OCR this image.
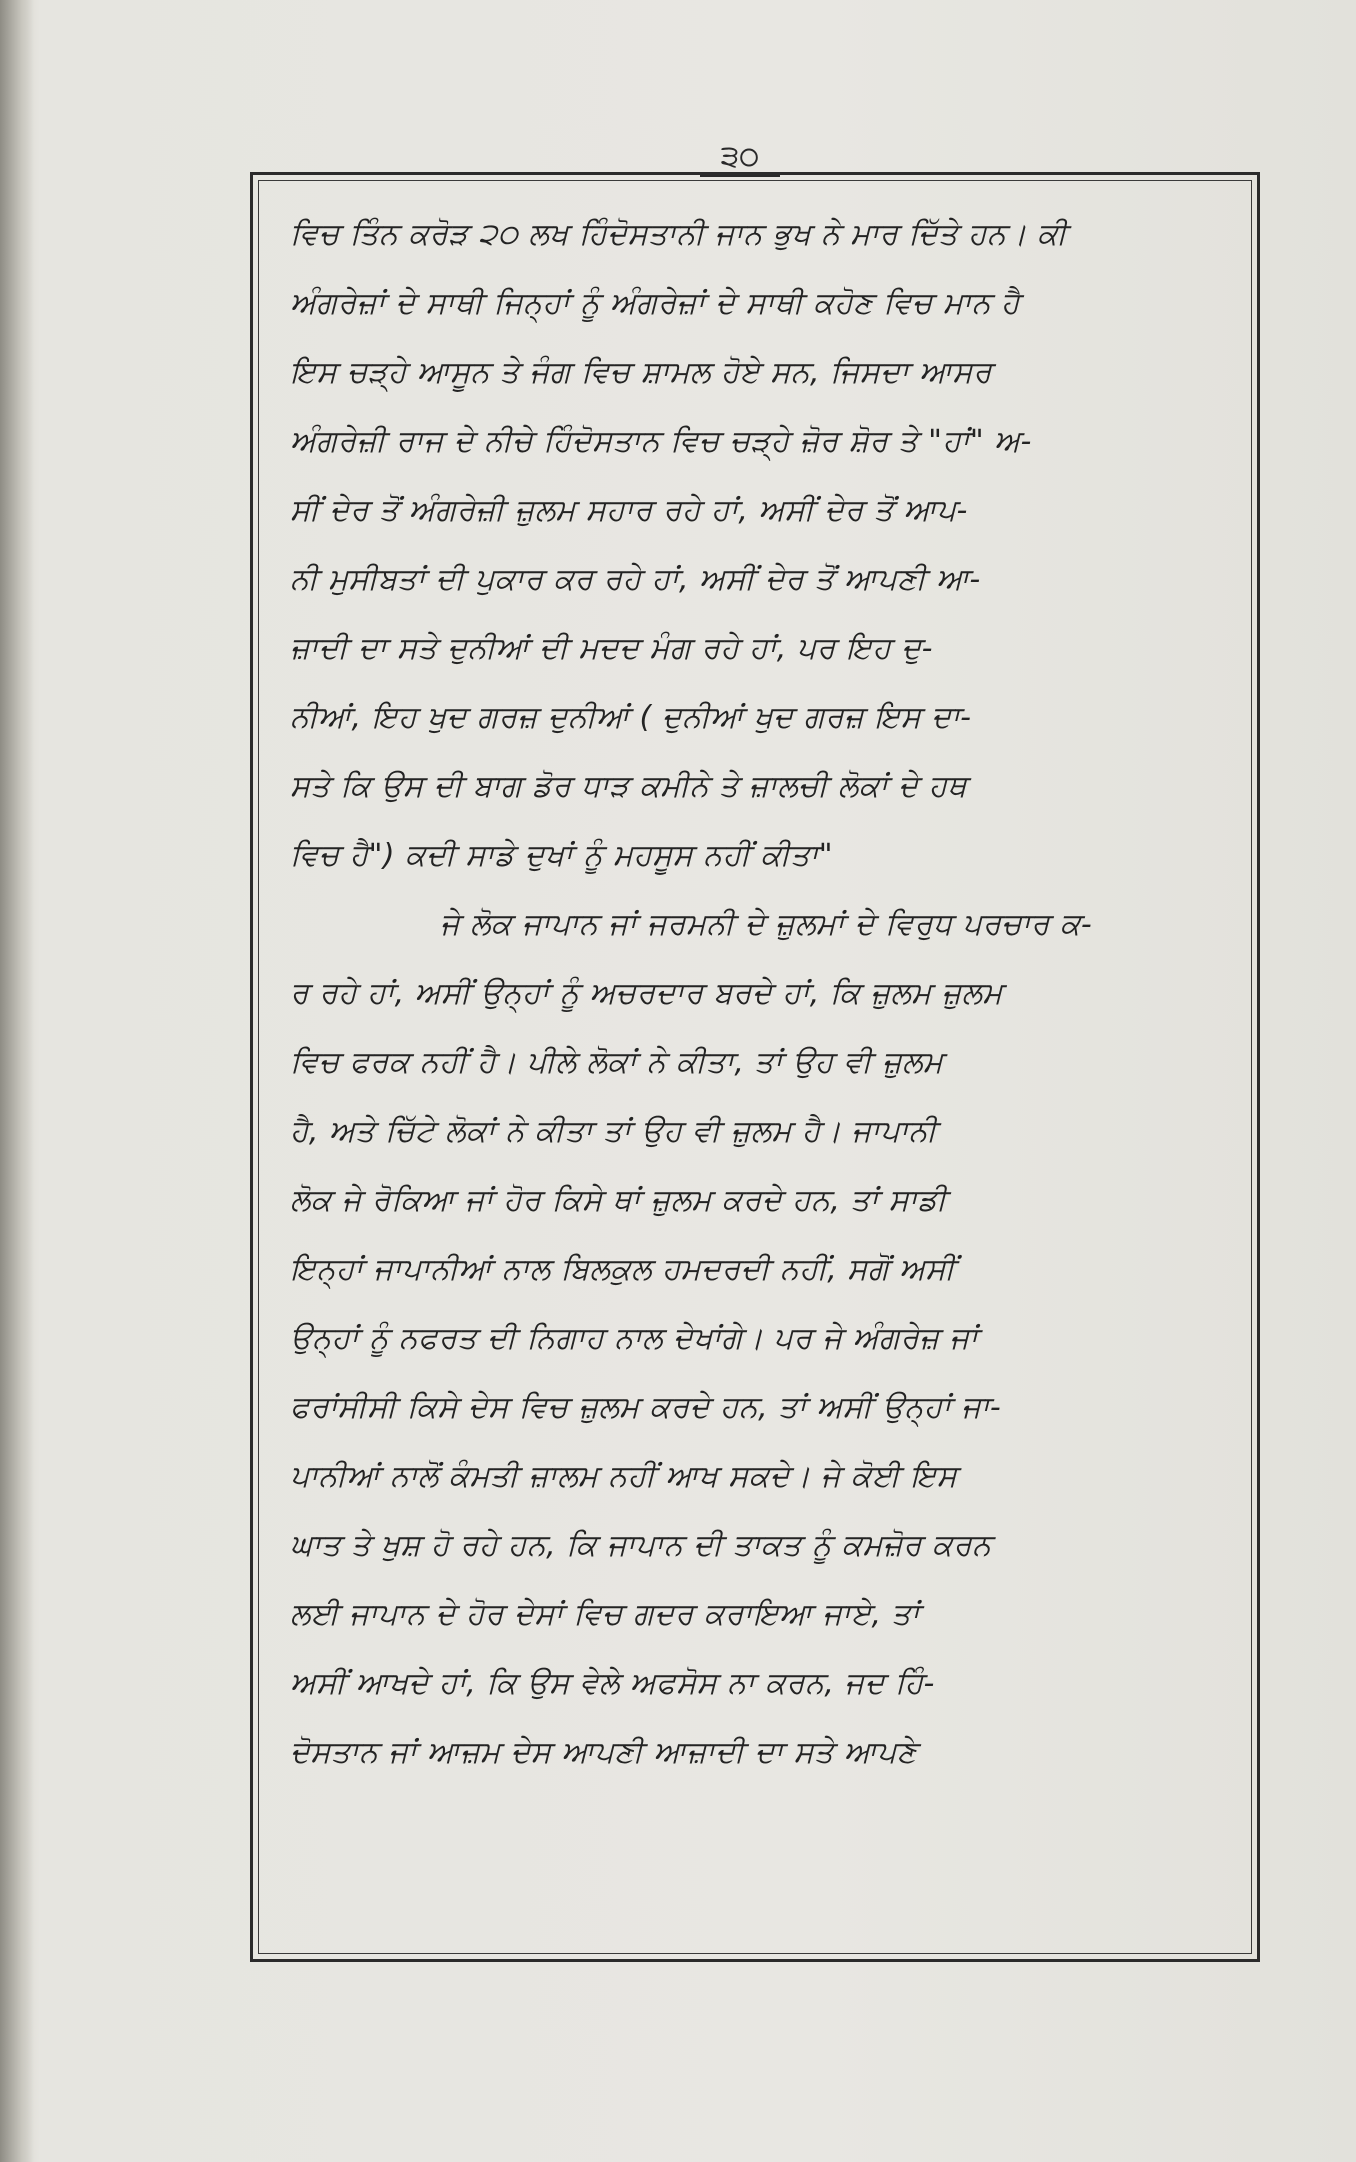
੩੦
ਵਿਚ ਤਿੰਨ ਕਰੋੜ ੨੦ ਲਖ ਹਿੰਦੋਸਤਾਨੀ ਜਾਨ ਭੁਖ ਨੇ ਮਾਰ ਦਿੱਤੇ ਹਨ। ਕੀ
ਅੰਗਰੇਜ਼ਾਂ ਦੇ ਸਾਥੀ ਜਿਨ੍ਹਾਂ ਨੂੰ ਅੰਗਰੇਜ਼ਾਂ ਦੇ ਸਾਥੀ ਕਹੋਣ ਵਿਚ ਮਾਨ ਹੈ
ਇਸ ਚੜ੍ਹੇ ਆਸੂਨ ਤੇ ਜੰਗ ਵਿਚ ਸ਼ਾਮਲ ਹੋਏ ਸਨ, ਜਿਸਦਾ ਆਸਰ
ਅੰਗਰੇਜ਼ੀ ਰਾਜ ਦੇ ਨੀਚੇ ਹਿੰਦੋਸਤਾਨ ਵਿਚ ਚੜ੍ਹੇ ਜ਼ੋਰ ਸ਼ੋਰ ਤੇ "ਹਾਂ" ਅ-
ਸੀਂ ਦੇਰ ਤੋਂ ਅੰਗਰੇਜ਼ੀ ਜ਼ੁਲਮ ਸਹਾਰ ਰਹੇ ਹਾਂ, ਅਸੀਂ ਦੇਰ ਤੋਂ ਆਪ-
ਨੀ ਮੁਸੀਬਤਾਂ ਦੀ ਪੁਕਾਰ ਕਰ ਰਹੇ ਹਾਂ, ਅਸੀਂ ਦੇਰ ਤੋਂ ਆਪਣੀ ਆ-
ਜ਼ਾਦੀ ਦਾ ਸਤੇ ਦੁਨੀਆਂ ਦੀ ਮਦਦ ਮੰਗ ਰਹੇ ਹਾਂ, ਪਰ ਇਹ ਦੁ-
ਨੀਆਂ, ਇਹ ਖੁਦ ਗਰਜ਼ ਦੁਨੀਆਂ ( ਦੁਨੀਆਂ ਖੁਦ ਗਰਜ਼ ਇਸ ਦਾ-
ਸਤੇ ਕਿ ਉਸ ਦੀ ਬਾਗ ਡੋਰ ਧਾੜ ਕਮੀਨੇ ਤੇ ਜ਼ਾਲਚੀ ਲੋਕਾਂ ਦੇ ਹਥ
ਵਿਚ ਹੈ") ਕਦੀ ਸਾਡੇ ਦੁਖਾਂ ਨੂੰ ਮਹਸੂਸ ਨਹੀਂ ਕੀਤਾ"
ਜੇ ਲੋਕ ਜਾਪਾਨ ਜਾਂ ਜਰਮਨੀ ਦੇ ਜ਼ੁਲਮਾਂ ਦੇ ਵਿਰੁਧ ਪਰਚਾਰ ਕ-
ਰ ਰਹੇ ਹਾਂ, ਅਸੀਂ ਉਨ੍ਹਾਂ ਨੂੰ ਅਚਰਦਾਰ ਬਰਦੇ ਹਾਂ, ਕਿ ਜ਼ੁਲਮ ਜ਼ੁਲਮ
ਵਿਚ ਫਰਕ ਨਹੀਂ ਹੈ। ਪੀਲੇ ਲੋਕਾਂ ਨੇ ਕੀਤਾ, ਤਾਂ ਉਹ ਵੀ ਜ਼ੁਲਮ
ਹੈ, ਅਤੇ ਚਿੱਟੇ ਲੋਕਾਂ ਨੇ ਕੀਤਾ ਤਾਂ ਉਹ ਵੀ ਜ਼ੁਲਮ ਹੈ। ਜਾਪਾਨੀ
ਲੋਕ ਜੇ ਰੋਕਿਆ ਜਾਂ ਹੋਰ ਕਿਸੇ ਥਾਂ ਜ਼ੁਲਮ ਕਰਦੇ ਹਨ, ਤਾਂ ਸਾਡੀ
ਇਨ੍ਹਾਂ ਜਾਪਾਨੀਆਂ ਨਾਲ ਬਿਲਕੁਲ ਹਮਦਰਦੀ ਨਹੀਂ, ਸਗੋਂ ਅਸੀਂ
ਉਨ੍ਹਾਂ ਨੂੰ ਨਫਰਤ ਦੀ ਨਿਗਾਹ ਨਾਲ ਦੇਖਾਂਗੇ। ਪਰ ਜੇ ਅੰਗਰੇਜ਼ ਜਾਂ
ਫਰਾਂਸੀਸੀ ਕਿਸੇ ਦੇਸ ਵਿਚ ਜ਼ੁਲਮ ਕਰਦੇ ਹਨ, ਤਾਂ ਅਸੀਂ ਉਨ੍ਹਾਂ ਜਾ-
ਪਾਨੀਆਂ ਨਾਲੋਂ ਕੰਮਤੀ ਜ਼ਾਲਮ ਨਹੀਂ ਆਖ ਸਕਦੇ। ਜੇ ਕੋਈ ਇਸ
ਘਾਤ ਤੇ ਖੁਸ਼ ਹੋ ਰਹੇ ਹਨ, ਕਿ ਜਾਪਾਨ ਦੀ ਤਾਕਤ ਨੂੰ ਕਮਜ਼ੋਰ ਕਰਨ
ਲਈ ਜਾਪਾਨ ਦੇ ਹੋਰ ਦੇਸਾਂ ਵਿਚ ਗਦਰ ਕਰਾਇਆ ਜਾਏ, ਤਾਂ
ਅਸੀਂ ਆਖਦੇ ਹਾਂ, ਕਿ ਉਸ ਵੇਲੇ ਅਫਸੋਸ ਨਾ ਕਰਨ, ਜਦ ਹਿੰ-
ਦੋਸਤਾਨ ਜਾਂ ਆਜ਼ਮ ਦੇਸ ਆਪਣੀ ਆਜ਼ਾਦੀ ਦਾ ਸਤੇ ਆਪਣੇ
